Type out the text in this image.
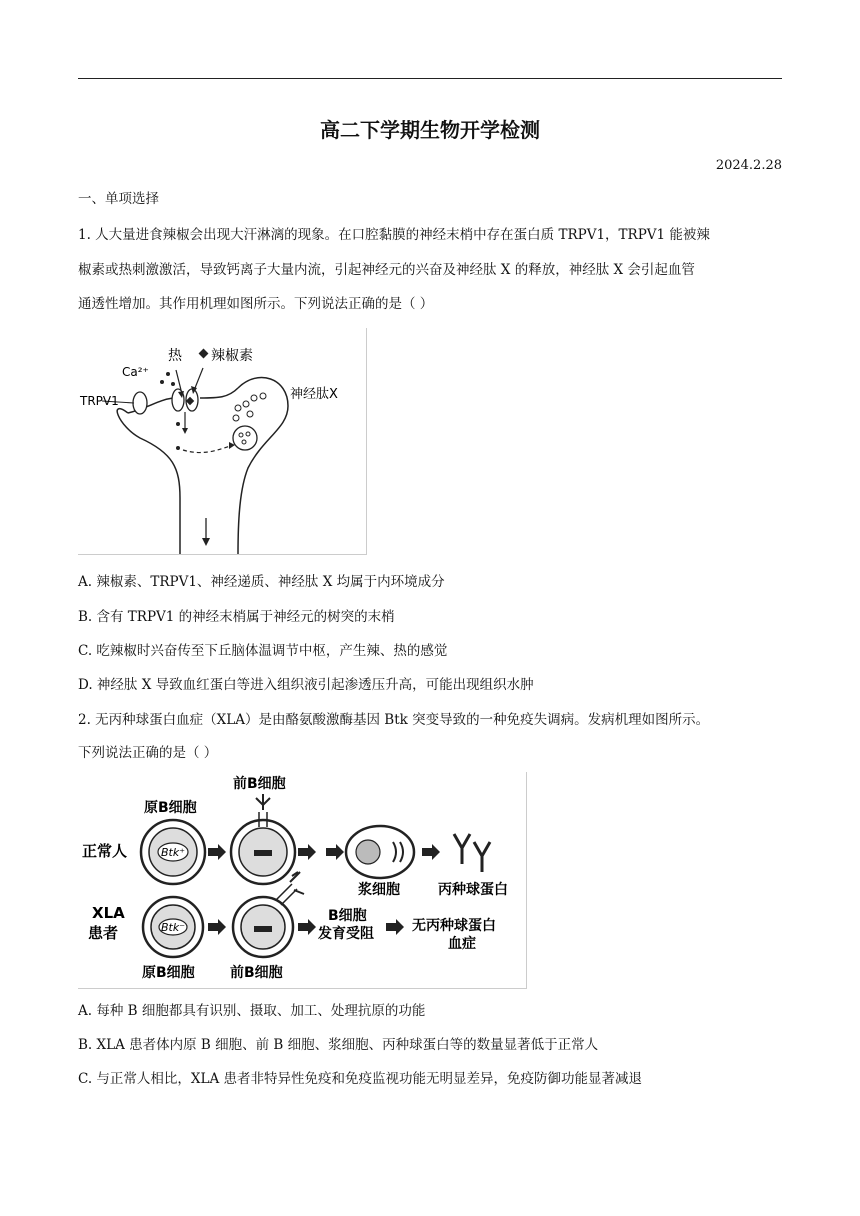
高二下学期生物开学检测
2024.2.28
一、单项选择
1. 人大量进食辣椒会出现大汗淋漓的现象。在口腔黏膜的神经末梢中存在蛋白质 TRPV1，TRPV1 能被辣
椒素或热刺激激活，导致钙离子大量内流，引起神经元的兴奋及神经肽 X 的释放，神经肽 X 会引起血管
通透性增加。其作用机理如图所示。下列说法正确的是（ ）
Ca²⁺
热 辣椒素
TRPV1	神经肽X
A. 辣椒素、TRPV1、神经递质、神经肽 X 均属于内环境成分
B. 含有 TRPV1 的神经末梢属于神经元的树突的末梢
C. 吃辣椒时兴奋传至下丘脑体温调节中枢，产生辣、热的感觉
D. 神经肽 X 导致血红蛋白等进入组织液引起渗透压升高，可能出现组织水肿
2. 无丙种球蛋白血症（XLA）是由酪氨酸激酶基因 Btk 突变导致的一种免疫失调病。发病机理如图所示。
下列说法正确的是（ ）
前B细胞
原B细胞
正常人	Btk⁺
浆细胞	丙种球蛋白
XLA
患者	Btk⁻
B细胞
发育受阻	无丙种球蛋白
血症
原B细胞	前B细胞
A. 每种 B 细胞都具有识别、摄取、加工、处理抗原的功能
B. XLA 患者体内原 B 细胞、前 B 细胞、浆细胞、丙种球蛋白等的数量显著低于正常人
C. 与正常人相比，XLA 患者非特异性免疫和免疫监视功能无明显差异，免疫防御功能显著减退
